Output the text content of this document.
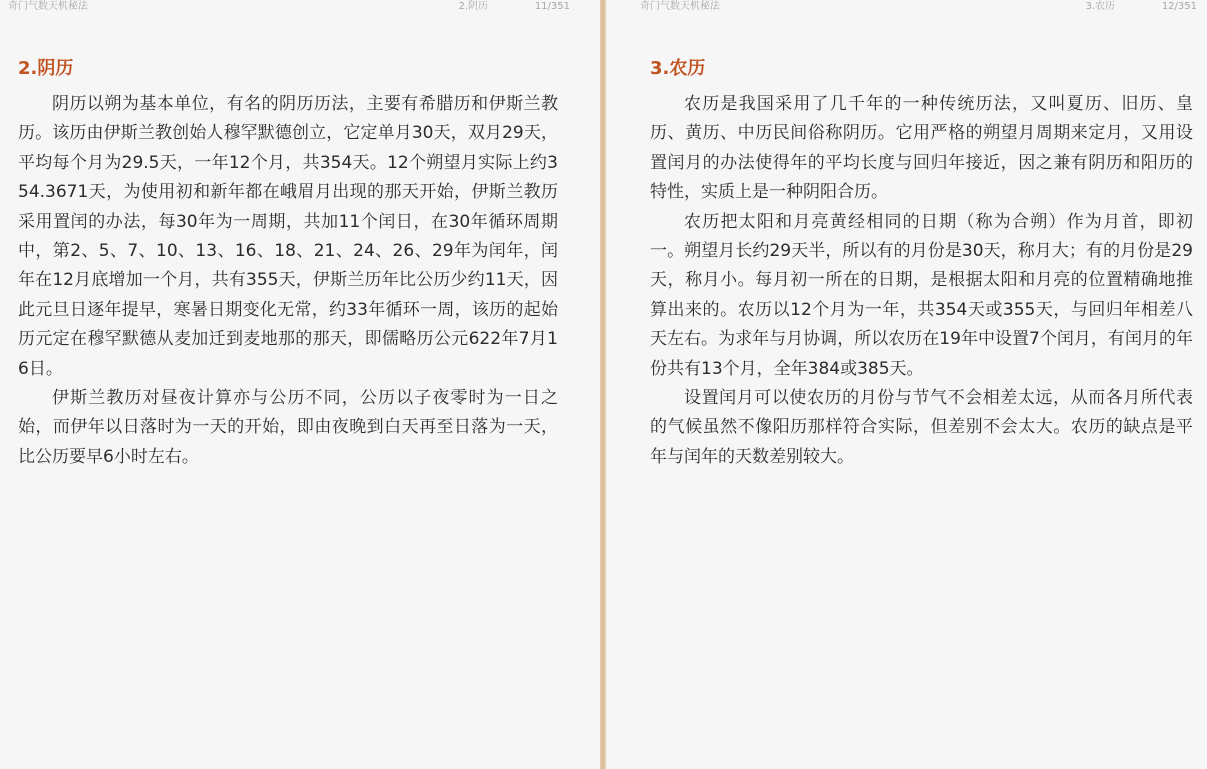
奇门气数天机秘法	2.阴历	11/351
2.阴历

阴历以朔为基本单位，有名的阴历历法，主要有希腊历和伊斯兰教历。该历由伊斯兰教创始人穆罕默德创立，它定单月30天，双月29天，平均每个月为29.5天，一年12个月，共354天。12个朔望月实际上约354.3671天，为使用初和新年都在峨眉月出现的那天开始，伊斯兰教历采用置闰的办法，每30年为一周期，共加11个闰日，在30年循环周期中，第2、5、7、10、13、16、18、21、24、26、29年为闰年，闰年在12月底增加一个月，共有355天，伊斯兰历年比公历少约11天，因此元旦日逐年提早，寒暑日期变化无常，约33年循环一周，该历的起始历元定在穆罕默德从麦加迁到麦地那的那天，即儒略历公元622年7月16日。

伊斯兰教历对昼夜计算亦与公历不同，公历以子夜零时为一日之始，而伊年以日落时为一天的开始，即由夜晚到白天再至日落为一天，比公历要早6小时左右。

奇门气数天机秘法	3.农历	12/351
3.农历

农历是我国采用了几千年的一种传统历法，又叫夏历、旧历、皇历、黄历、中历民间俗称阴历。它用严格的朔望月周期来定月，又用设置闰月的办法使得年的平均长度与回归年接近，因之兼有阴历和阳历的特性，实质上是一种阴阳合历。

农历把太阳和月亮黄经相同的日期（称为合朔）作为月首，即初一。朔望月长约29天半，所以有的月份是30天，称月大；有的月份是29天，称月小。每月初一所在的日期，是根据太阳和月亮的位置精确地推算出来的。农历以12个月为一年，共354天或355天，与回归年相差八天左右。为求年与月协调，所以农历在19年中设置7个闰月，有闰月的年份共有13个月，全年384或385天。

设置闰月可以使农历的月份与节气不会相差太远，从而各月所代表的气候虽然不像阳历那样符合实际，但差别不会太大。农历的缺点是平年与闰年的天数差别较大。
